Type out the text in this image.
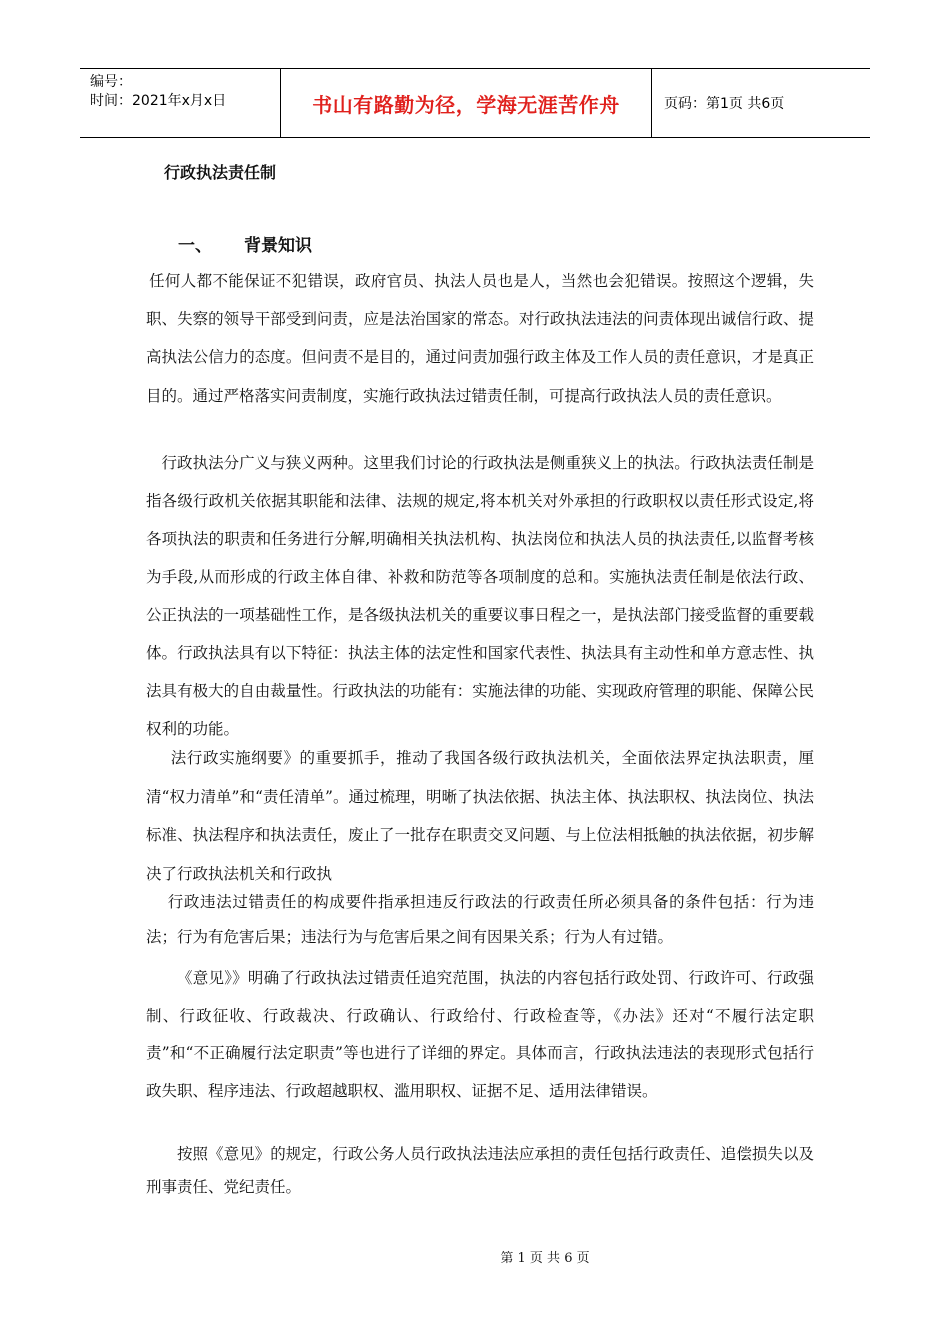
编号：
时间：2021年x月x日	书山有路勤为径，学海无涯苦作舟	页码：第1页 共6页
行政执法责任制
一、	背景知识

任何人都不能保证不犯错误，政府官员、执法人员也是人，当然也会犯错误。按照这个逻辑，失职、失察的领导干部受到问责，应是法治国家的常态。对行政执法违法的问责体现出诚信行政、提高执法公信力的态度。但问责不是目的，通过问责加强行政主体及工作人员的责任意识，才是真正目的。通过严格落实问责制度，实施行政执法过错责任制，可提高行政执法人员的责任意识。

行政执法分广义与狭义两种。这里我们讨论的行政执法是侧重狭义上的执法。行政执法责任制是指各级行政机关依据其职能和法律、法规的规定,将本机关对外承担的行政职权以责任形式设定,将各项执法的职责和任务进行分解,明确相关执法机构、执法岗位和执法人员的执法责任,以监督考核为手段,从而形成的行政主体自律、补救和防范等各项制度的总和。实施执法责任制是依法行政、公正执法的一项基础性工作，是各级执法机关的重要议事日程之一，是执法部门接受监督的重要载体。行政执法具有以下特征：执法主体的法定性和国家代表性、执法具有主动性和单方意志性、执法具有极大的自由裁量性。行政执法的功能有：实施法律的功能、实现政府管理的职能、保障公民权利的功能。

法行政实施纲要》的重要抓手，推动了我国各级行政执法机关，全面依法界定执法职责，厘清“权力清单”和“责任清单”。通过梳理，明晰了执法依据、执法主体、执法职权、执法岗位、执法标准、执法程序和执法责任，废止了一批存在职责交叉问题、与上位法相抵触的执法依据，初步解决了行政执法机关和行政执

行政违法过错责任的构成要件指承担违反行政法的行政责任所必须具备的条件包括：行为违法；行为有危害后果；违法行为与危害后果之间有因果关系；行为人有过错。

《意见》》明确了行政执法过错责任追究范围，执法的内容包括行政处罚、行政许可、行政强制、行政征收、行政裁决、行政确认、行政给付、行政检查等，《办法》还对“不履行法定职责”和“不正确履行法定职责”等也进行了详细的界定。具体而言，行政执法违法的表现形式包括行政失职、程序违法、行政超越职权、滥用职权、证据不足、适用法律错误。

按照《意见》的规定，行政公务人员行政执法违法应承担的责任包括行政责任、追偿损失以及刑事责任、党纪责任。

第 1 页 共 6 页
